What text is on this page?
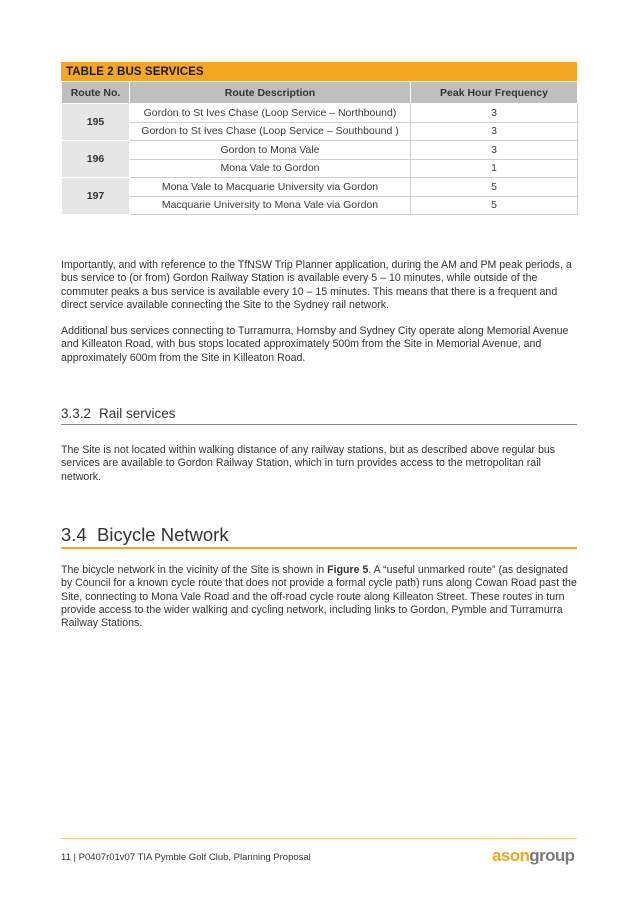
TABLE 2 BUS SERVICES
Route No.	Route Description	Peak Hour Frequency
195	Gordon to St Ives Chase (Loop Service – Northbound)	3
	Gordon to St Ives Chase (Loop Service – Southbound )	3
196	Gordon to Mona Vale	3
	Mona Vale to Gordon	1
197	Mona Vale to Macquarie University via Gordon	5
	Macquarie University to Mona Vale via Gordon	5

Importantly, and with reference to the TfNSW Trip Planner application, during the AM and PM peak periods, a bus service to (or from) Gordon Railway Station is available every 5 – 10 minutes, while outside of the commuter peaks a bus service is available every 10 – 15 minutes. This means that there is a frequent and direct service available connecting the Site to the Sydney rail network.

Additional bus services connecting to Turramurra, Hornsby and Sydney City operate along Memorial Avenue and Killeaton Road, with bus stops located approximately 500m from the Site in Memorial Avenue, and approximately 600m from the Site in Killeaton Road.

3.3.2 Rail services

The Site is not located within walking distance of any railway stations, but as described above regular bus services are available to Gordon Railway Station, which in turn provides access to the metropolitan rail network.

3.4 Bicycle Network

The bicycle network in the vicinity of the Site is shown in Figure 5. A “useful unmarked route” (as designated by Council for a known cycle route that does not provide a formal cycle path) runs along Cowan Road past the Site, connecting to Mona Vale Road and the off-road cycle route along Killeaton Street. These routes in turn provide access to the wider walking and cycling network, including links to Gordon, Pymble and Turramurra Railway Stations.

11 | P0407r01v07 TIA Pymble Golf Club, Planning Proposal	asongroup
